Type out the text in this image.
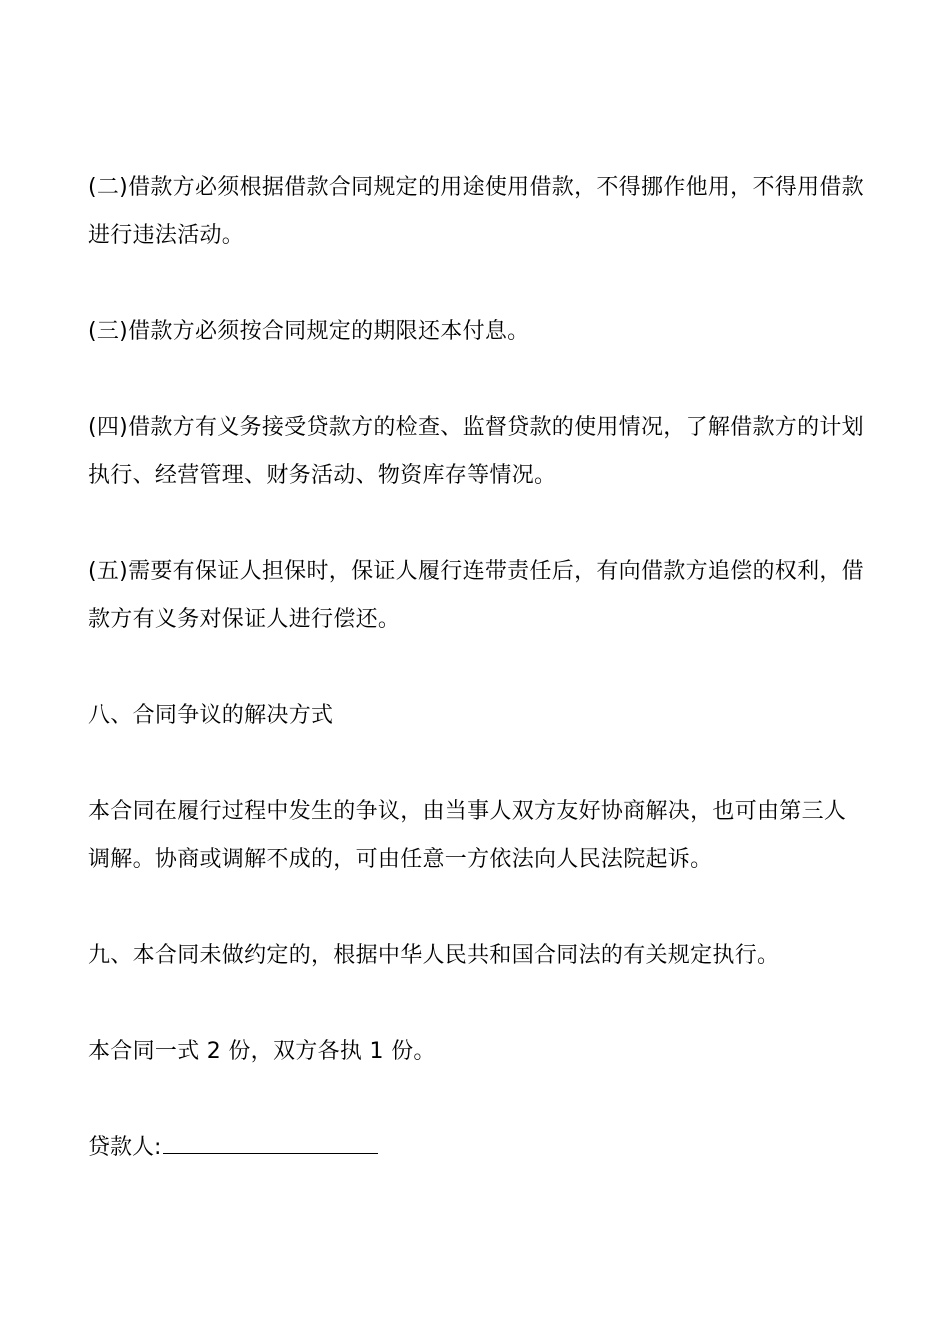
(二)借款方必须根据借款合同规定的用途使用借款，不得挪作他用，不得用借款进行违法活动。

(三)借款方必须按合同规定的期限还本付息。

(四)借款方有义务接受贷款方的检查、监督贷款的使用情况，了解借款方的计划执行、经营管理、财务活动、物资库存等情况。

(五)需要有保证人担保时，保证人履行连带责任后，有向借款方追偿的权利，借款方有义务对保证人进行偿还。

八、合同争议的解决方式

本合同在履行过程中发生的争议，由当事人双方友好协商解决，也可由第三人调解。协商或调解不成的，可由任意一方依法向人民法院起诉。

九、本合同未做约定的，根据中华人民共和国合同法的有关规定执行。

本合同一式 2 份，双方各执 1 份。

贷款人:
